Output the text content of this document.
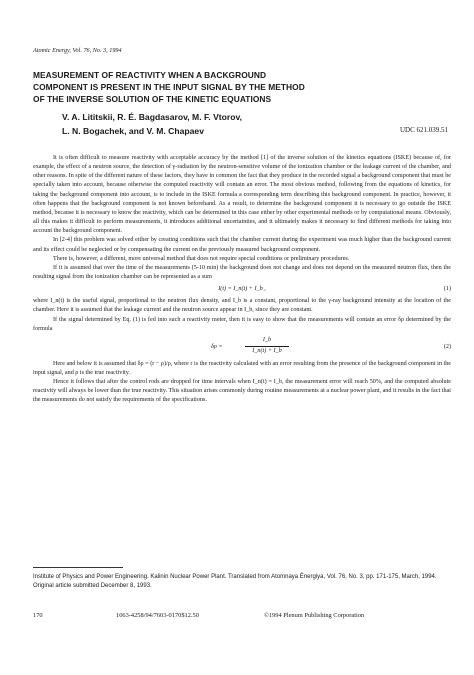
Atomic Energy, Vol. 76, No. 3, 1994
MEASUREMENT OF REACTIVITY WHEN A BACKGROUND
COMPONENT IS PRESENT IN THE INPUT SIGNAL BY THE METHOD
OF THE INVERSE SOLUTION OF THE KINETIC EQUATIONS
V. A. Lititskii, R. É. Bagdasarov, M. F. Vtorov,
L. N. Bogachek, and V. M. Chapaev	UDC 621.039.51

It is often difficult to measure reactivity with acceptable accuracy by the method [1] of the inverse solution of the kinetics equations (ISKE) because of, for example, the effect of a neutron source, the detection of γ-radiation by the neutron-sensitive volume of the ionization chamber or the leakage current of the chamber, and other reasons. In spite of the different nature of these factors, they have in common the fact that they produce in the recorded signal a background component that must be specially taken into account, because otherwise the computed reactivity will contain an error. The most obvious method, following from the equations of kinetics, for taking the background component into account, is to include in the ISKE formula a corresponding term describing this background component. In practice, however, it often happens that the background component is not known beforehand. As a result, to determine the background component it is necessary to go outside the ISKE method, because it is necessary to know the reactivity, which can be determined in this case either by other experimental methods or by computational means. Obviously, all this makes it difficult to perform measurements, it introduces additional uncertainties, and it ultimately makes it necessary to find different methods for taking into account the background component.

In [2-4] this problem was solved either by creating conditions such that the chamber current during the experiment was much higher than the background current and its effect could be neglected or by compensating the current on the previously measured background component.

There is, however, a different, more universal method that does not require special conditions or preliminary procedures.

If it is assumed that over the time of the measurements (5-10 min) the background does not change and does not depend on the measured neutron flux, then the resulting signal from the ionization chamber can be represented as a sum

I(t) = I_n(t) + I_b ,	(1)

where I_n(t) is the useful signal, proportional to the neutron flux density, and I_b is a constant, proportional to the γ-ray background intensity at the location of the chamber. Here it is assumed that the leakage current and the neutron source appear in I_b, since they are constant.

If the signal determined by Eq. (1) is fed into such a reactivity meter, then it is easy to show that the measurements will contain an error δρ determined by the formula

δρ =
I_b
I_n(t) + I_b
(2)

Here and below it is assumed that δρ = (r − ρ)/ρ, where r is the reactivity calculated with an error resulting from the presence of the background component in the input signal, and ρ is the true reactivity.

Hence it follows that after the control rods are dropped for time intervals when I_n(t) = I_b, the measurement error will reach 50%, and the computed absolute reactivity will always be lower than the true reactivity. This situation arises commonly during routine measurements at a nuclear power plant, and it results in the fact that the measurements do not satisfy the requirements of the specifications.

Institute of Physics and Power Engineering. Kalinin Nuclear Power Plant. Translated from Atomnaya Énergiya, Vol. 76, No. 3, pp. 171-175, March, 1994. Original article submitted December 8, 1993.
170	1063-4258/94/7603-0170$12.50	©1994 Plenum Publishing Corporation
